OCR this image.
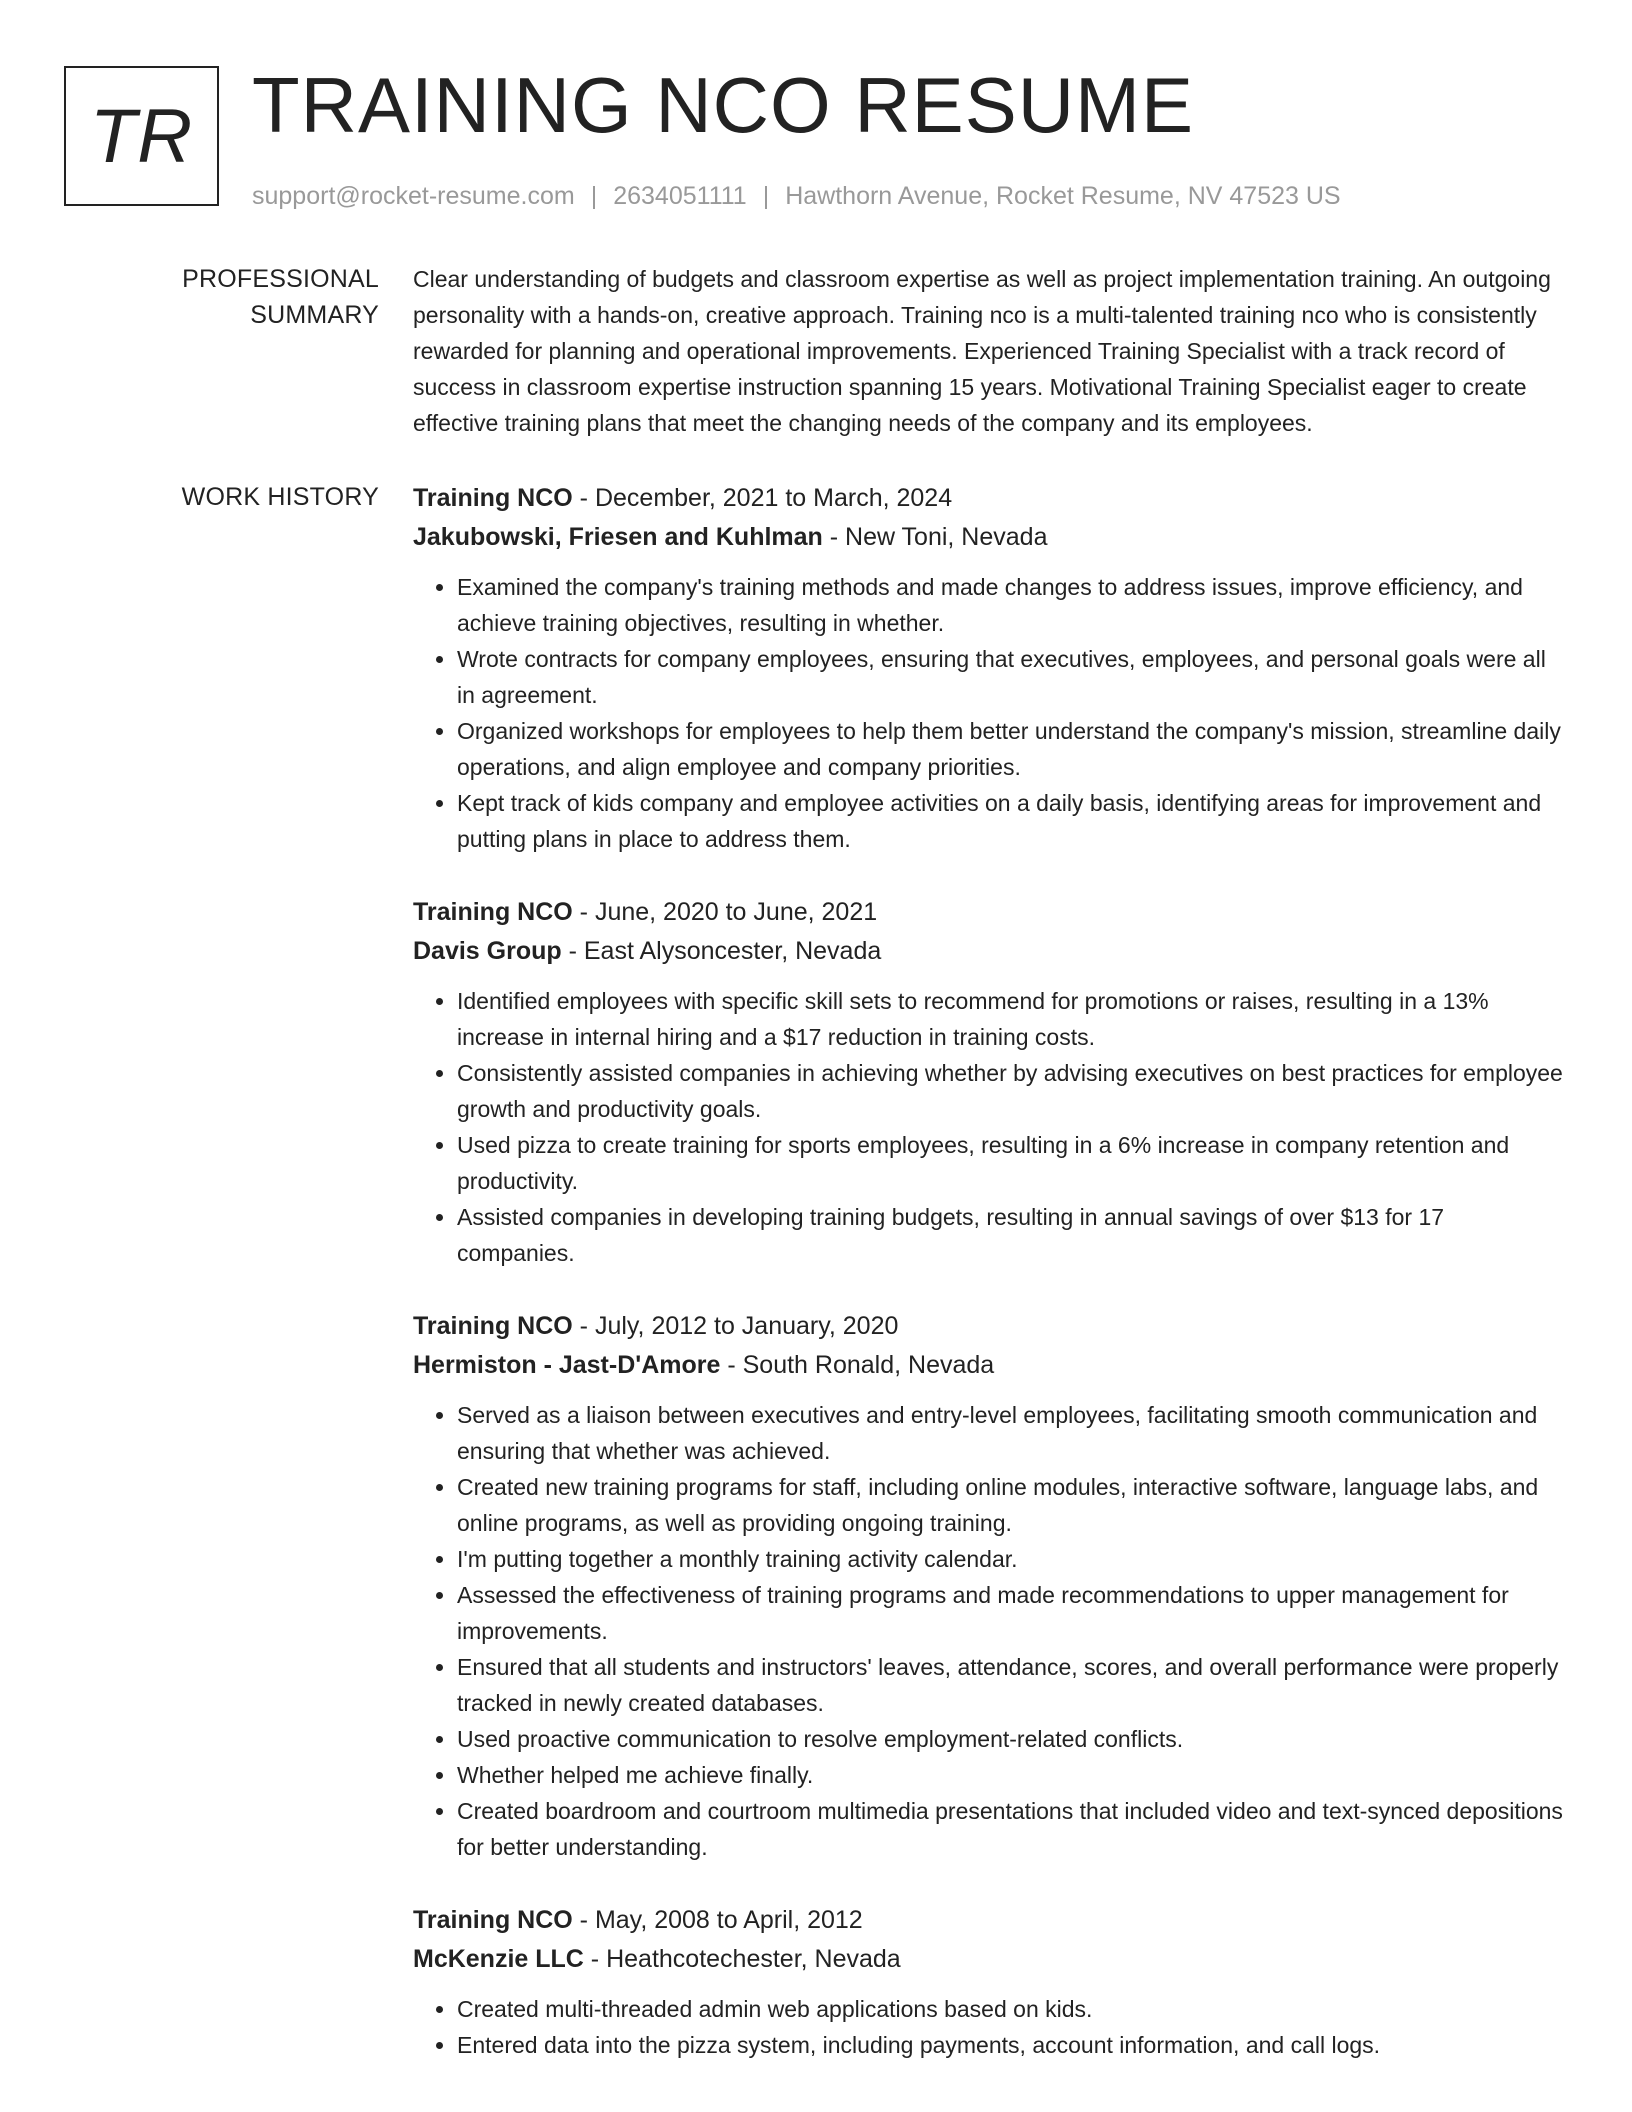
TR TRAINING NCO RESUME
support@rocket-resume.com | 2634051111 | Hawthorn Avenue, Rocket Resume, NV 47523 US
PROFESSIONAL SUMMARY
Clear understanding of budgets and classroom expertise as well as project implementation training. An outgoing personality with a hands-on, creative approach. Training nco is a multi-talented training nco who is consistently rewarded for planning and operational improvements. Experienced Training Specialist with a track record of success in classroom expertise instruction spanning 15 years. Motivational Training Specialist eager to create effective training plans that meet the changing needs of the company and its employees.
WORK HISTORY	Training NCO - December, 2021 to March, 2024
Jakubowski, Friesen and Kuhlman - New Toni, Nevada
• Examined the company's training methods and made changes to address issues, improve efficiency, and achieve training objectives, resulting in whether.
• Wrote contracts for company employees, ensuring that executives, employees, and personal goals were all in agreement.
• Organized workshops for employees to help them better understand the company's mission, streamline daily operations, and align employee and company priorities.
• Kept track of kids company and employee activities on a daily basis, identifying areas for improvement and putting plans in place to address them.
Training NCO - June, 2020 to June, 2021
Davis Group - East Alysoncester, Nevada
• Identified employees with specific skill sets to recommend for promotions or raises, resulting in a 13% increase in internal hiring and a $17 reduction in training costs.
• Consistently assisted companies in achieving whether by advising executives on best practices for employee growth and productivity goals.
• Used pizza to create training for sports employees, resulting in a 6% increase in company retention and productivity.
• Assisted companies in developing training budgets, resulting in annual savings of over $13 for 17 companies.
Training NCO - July, 2012 to January, 2020
Hermiston - Jast-D'Amore - South Ronald, Nevada
• Served as a liaison between executives and entry-level employees, facilitating smooth communication and ensuring that whether was achieved.
• Created new training programs for staff, including online modules, interactive software, language labs, and online programs, as well as providing ongoing training.
• I'm putting together a monthly training activity calendar.
• Assessed the effectiveness of training programs and made recommendations to upper management for improvements.
• Ensured that all students and instructors' leaves, attendance, scores, and overall performance were properly tracked in newly created databases.
• Used proactive communication to resolve employment-related conflicts.
• Whether helped me achieve finally.
• Created boardroom and courtroom multimedia presentations that included video and text-synced depositions for better understanding.
Training NCO - May, 2008 to April, 2012
McKenzie LLC - Heathcotechester, Nevada
• Created multi-threaded admin web applications based on kids.
• Entered data into the pizza system, including payments, account information, and call logs.
